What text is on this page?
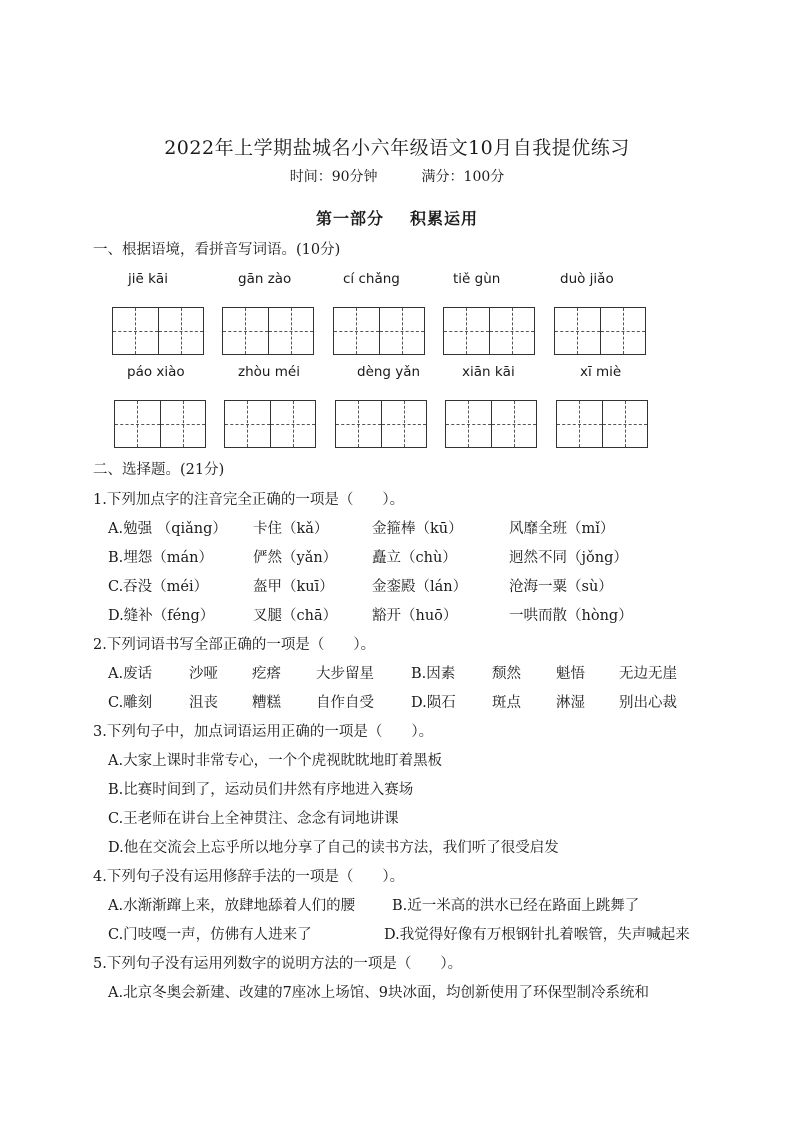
2022年上学期盐城名小六年级语文10月自我提优练习
时间：90分钟	满分：100分
第一部分 积累运用
一、根据语境，看拼音写词语。(10分)
jiē kāi	gān zào	cí chǎng	tiě gùn	duò jiǎo
páo xiào	zhòu méi	dèng yǎn	xiān kāi	xī miè
二、选择题。(21分)
1.下列加点字的注音完全正确的一项是（　　）。
A.勉强 （qiǎng） 卡住（kǎ）	金箍棒（kū）	风靡全班（mǐ）
B.埋怨（mán）	俨然（yǎn） 矗立（chù）	迥然不同（jǒng）
C.吞没（méi）	盔甲（kuī）	金銮殿（lán）	沧海一粟（sù）
D.缝补（féng）	叉腿（chā） 豁开（huō）	一哄而散（hòng）
2.下列词语书写全部正确的一项是（　　）。
A.废话	沙哑 疙瘩 大步留星	B.因素	颓然 魁悟 无边无崖
C.雕刻	沮丧 糟糕 自作自受	D.陨石	斑点 淋湿 别出心裁
3.下列句子中，加点词语运用正确的一项是（　　）。
A.大家上课时非常专心，一个个虎视眈眈地盯着黑板
B.比赛时间到了，运动员们井然有序地进入赛场
C.王老师在讲台上全神贯注、念念有词地讲课
D.他在交流会上忘乎所以地分享了自己的读书方法，我们听了很受启发
4.下列句子没有运用修辞手法的一项是（　　）。
A.水渐渐蹿上来，放肆地舔着人们的腰	B.近一米高的洪水已经在路面上跳舞了
C.门吱嘎一声，仿佛有人进来了	D.我觉得好像有万根钢针扎着喉管，失声喊起来
5.下列句子没有运用列数字的说明方法的一项是（　　）。
A.北京冬奥会新建、改建的7座冰上场馆、9块冰面，均创新使用了环保型制冷系统和
